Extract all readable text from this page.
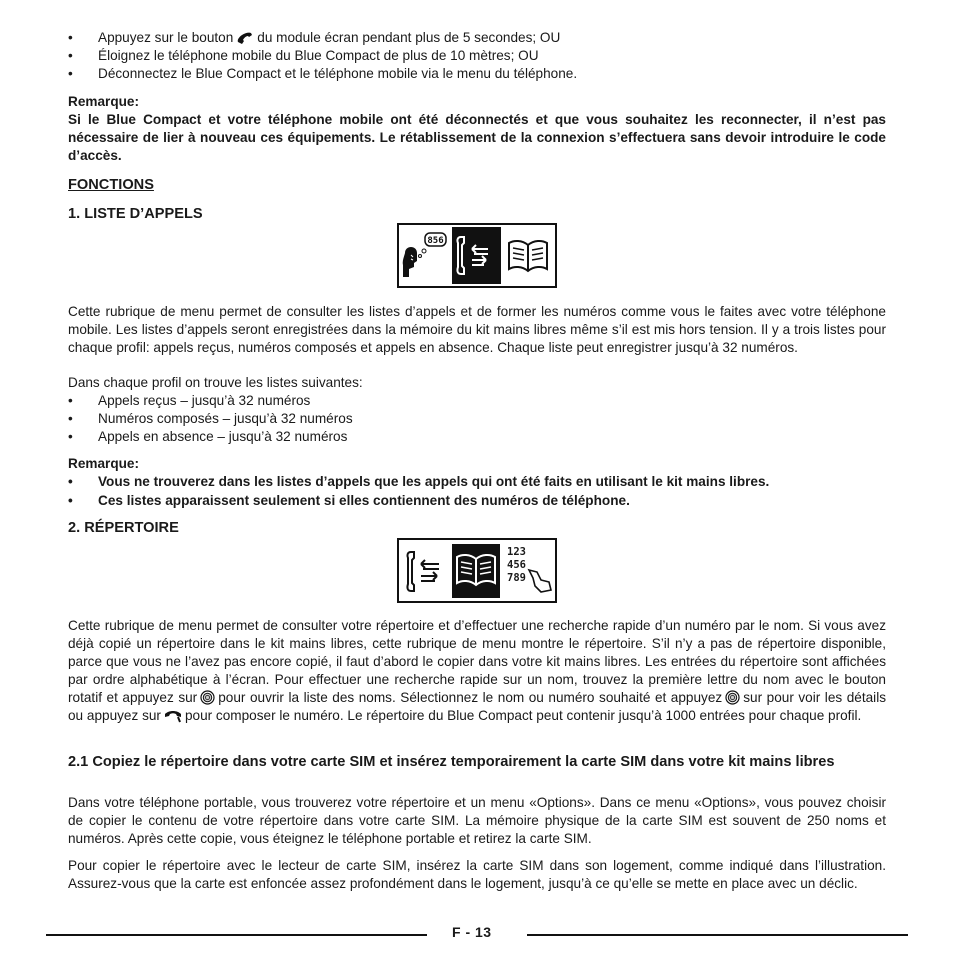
• Appuyez sur le bouton du module écran pendant plus de 5 secondes; OU
• Éloignez le téléphone mobile du Blue Compact de plus de 10 mètres; OU
• Déconnectez le Blue Compact et le téléphone mobile via le menu du téléphone.
Remarque:
Si le Blue Compact et votre téléphone mobile ont été déconnectés et que vous souhaitez les reconnecter, il n’est pas nécessaire de lier à nouveau ces équipements. Le rétablissement de la connexion s’effectuera sans devoir introduire le code d’accès.
FONCTIONS
1. LISTE D’APPELS
856
Cette rubrique de menu permet de consulter les listes d’appels et de former les numéros comme vous le faites avec votre téléphone mobile. Les listes d’appels seront enregistrées dans la mémoire du kit mains libres même s’il est mis hors tension. Il y a trois listes pour chaque profil: appels reçus, numéros composés et appels en absence. Chaque liste peut enregistrer jusqu’à 32 numéros.
Dans chaque profil on trouve les listes suivantes:
• Appels reçus – jusqu’à 32 numéros
• Numéros composés – jusqu’à 32 numéros
• Appels en absence – jusqu’à 32 numéros
Remarque:
• Vous ne trouverez dans les listes d’appels que les appels qui ont été faits en utilisant le kit mains libres.
• Ces listes apparaissent seulement si elles contiennent des numéros de téléphone.
2. RÉPERTOIRE
123
456
789
Cette rubrique de menu permet de consulter votre répertoire et d’effectuer une recherche rapide d’un numéro par le nom. Si vous avez déjà copié un répertoire dans le kit mains libres, cette rubrique de menu montre le répertoire. S’il n’y a pas de répertoire disponible, parce que vous ne l’avez pas encore copié, il faut d’abord le copier dans votre kit mains libres. Les entrées du répertoire sont affichées par ordre alphabétique à l’écran. Pour effectuer une recherche rapide sur un nom, trouvez la première lettre du nom avec le bouton rotatif et appuyez sur pour ouvrir la liste des noms. Sélectionnez le nom ou numéro souhaité et appuyez sur pour voir les détails ou appuyez sur pour composer le numéro. Le répertoire du Blue Compact peut contenir jusqu’à 1000 entrées pour chaque profil.
2.1 Copiez le répertoire dans votre carte SIM et insérez temporairement la carte SIM dans votre kit mains libres
Dans votre téléphone portable, vous trouverez votre répertoire et un menu «Options». Dans ce menu «Options», vous pouvez choisir de copier le contenu de votre répertoire dans votre carte SIM. La mémoire physique de la carte SIM est souvent de 250 noms et numéros. Après cette copie, vous éteignez le téléphone portable et retirez la carte SIM.
Pour copier le répertoire avec le lecteur de carte SIM, insérez la carte SIM dans son logement, comme indiqué dans l’illustration. Assurez-vous que la carte est enfoncée assez profondément dans le logement, jusqu’à ce qu’elle se mette en place avec un déclic.
F - 13
